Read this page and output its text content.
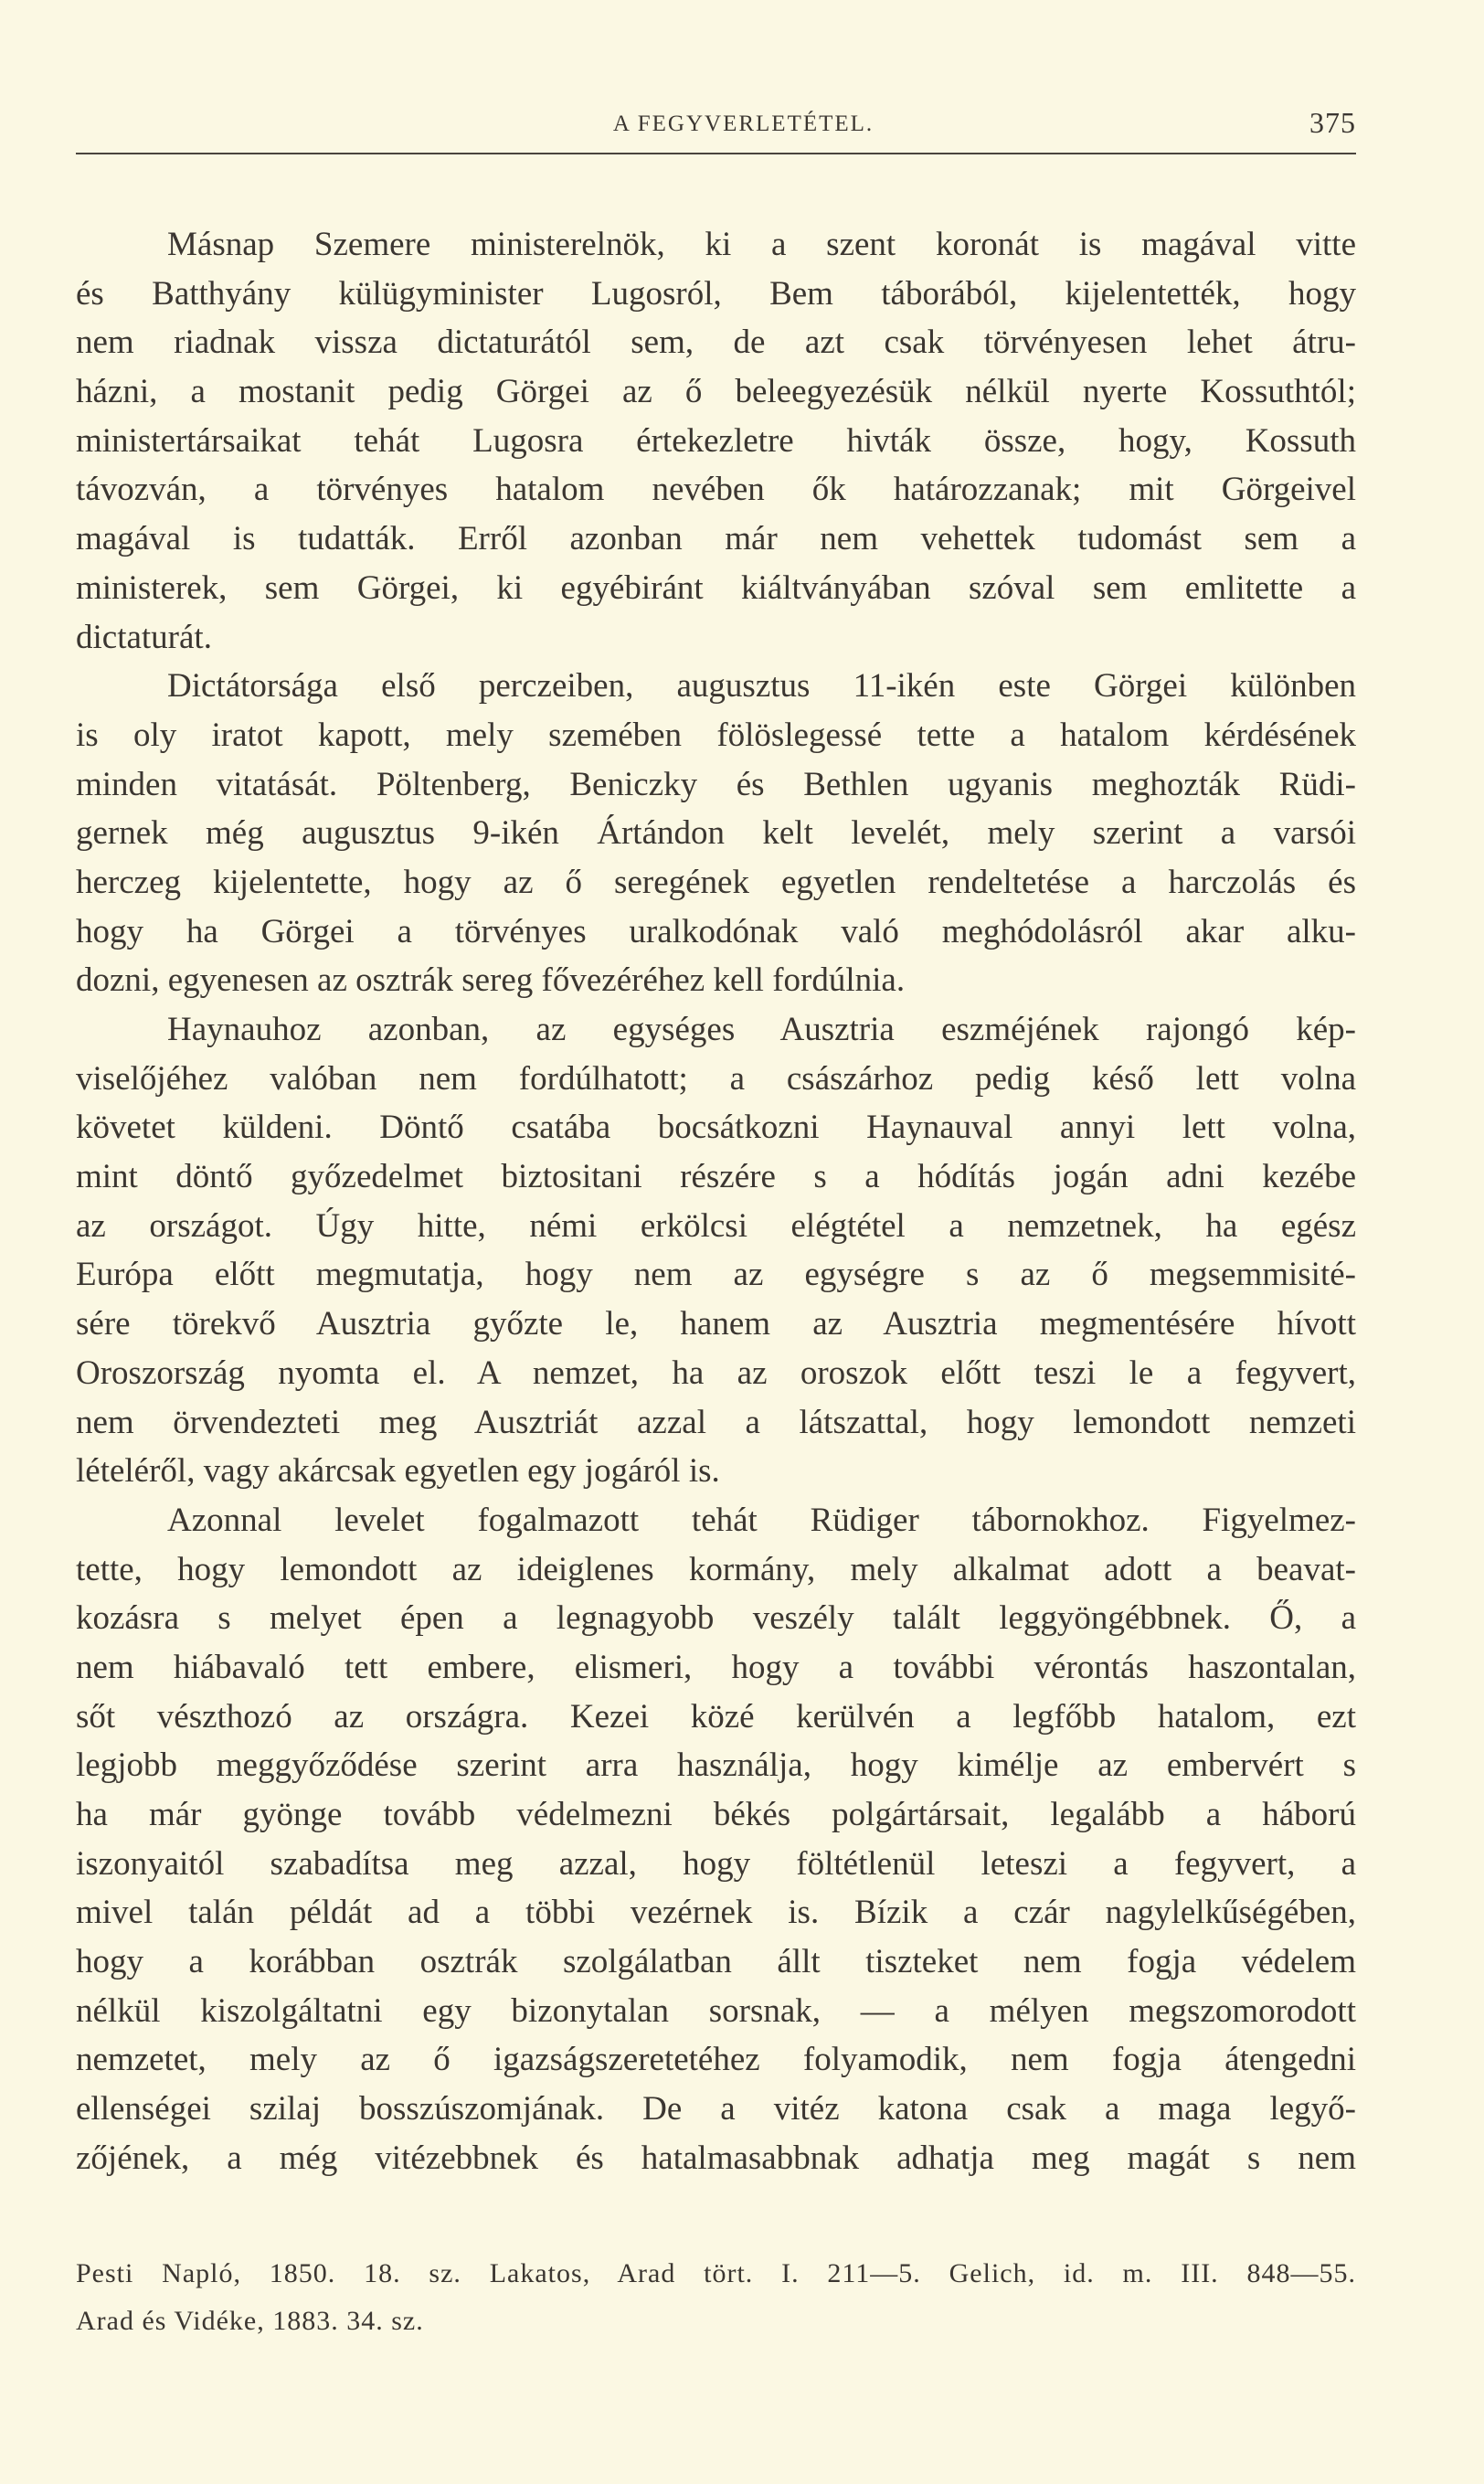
A FEGYVERLETÉTEL.	375
Másnap Szemere ministerelnök, ki a szent koronát is magával vitte
és Batthyány külügyminister Lugosról, Bem táborából, kijelentették, hogy
nem riadnak vissza dictaturától sem, de azt csak törvényesen lehet átru-
házni, a mostanit pedig Görgei az ő beleegyezésük nélkül nyerte Kossuthtól;
ministertársaikat tehát Lugosra értekezletre hivták össze, hogy, Kossuth
távozván, a törvényes hatalom nevében ők határozzanak; mit Görgeivel
magával is tudatták. Erről azonban már nem vehettek tudomást sem a
ministerek, sem Görgei, ki egyébiránt kiáltványában szóval sem emlitette a
dictaturát.
Dictátorsága első perczeiben, augusztus 11-ikén este Görgei különben
is oly iratot kapott, mely szemében fölöslegessé tette a hatalom kérdésének
minden vitatását. Pöltenberg, Beniczky és Bethlen ugyanis meghozták Rüdi-
gernek még augusztus 9-ikén Ártándon kelt levelét, mely szerint a varsói
herczeg kijelentette, hogy az ő seregének egyetlen rendeltetése a harczolás és
hogy ha Görgei a törvényes uralkodónak való meghódolásról akar alku-
dozni, egyenesen az osztrák sereg fővezéréhez kell fordúlnia.
Haynauhoz azonban, az egységes Ausztria eszméjének rajongó kép-
viselőjéhez valóban nem fordúlhatott; a császárhoz pedig késő lett volna
követet küldeni. Döntő csatába bocsátkozni Haynauval annyi lett volna,
mint döntő győzedelmet biztositani részére s a hódítás jogán adni kezébe
az országot. Úgy hitte, némi erkölcsi elégtétel a nemzetnek, ha egész
Európa előtt megmutatja, hogy nem az egységre s az ő megsemmisité-
sére törekvő Ausztria győzte le, hanem az Ausztria megmentésére hívott
Oroszország nyomta el. A nemzet, ha az oroszok előtt teszi le a fegyvert,
nem örvendezteti meg Ausztriát azzal a látszattal, hogy lemondott nemzeti
lételéről, vagy akárcsak egyetlen egy jogáról is.
Azonnal levelet fogalmazott tehát Rüdiger tábornokhoz. Figyelmez-
tette, hogy lemondott az ideiglenes kormány, mely alkalmat adott a beavat-
kozásra s melyet épen a legnagyobb veszély talált leggyöngébbnek. Ő, a
nem hiábavaló tett embere, elismeri, hogy a további vérontás haszontalan,
sőt vészthozó az országra. Kezei közé kerülvén a legfőbb hatalom, ezt
legjobb meggyőződése szerint arra használja, hogy kimélje az embervért s
ha már gyönge tovább védelmezni békés polgártársait, legalább a háború
iszonyaitól szabadítsa meg azzal, hogy föltétlenül leteszi a fegyvert, a
mivel talán példát ad a többi vezérnek is. Bízik a czár nagylelkűségében,
hogy a korábban osztrák szolgálatban állt tiszteket nem fogja védelem
nélkül kiszolgáltatni egy bizonytalan sorsnak, — a mélyen megszomorodott
nemzetet, mely az ő igazságszeretetéhez folyamodik, nem fogja átengedni
ellenségei szilaj bosszúszomjának. De a vitéz katona csak a maga legyő-
zőjének, a még vitézebbnek és hatalmasabbnak adhatja meg magát s nem
Pesti Napló, 1850. 18. sz. Lakatos, Arad tört. I. 211—5. Gelich, id. m. III. 848—55.
Arad és Vidéke, 1883. 34. sz.
